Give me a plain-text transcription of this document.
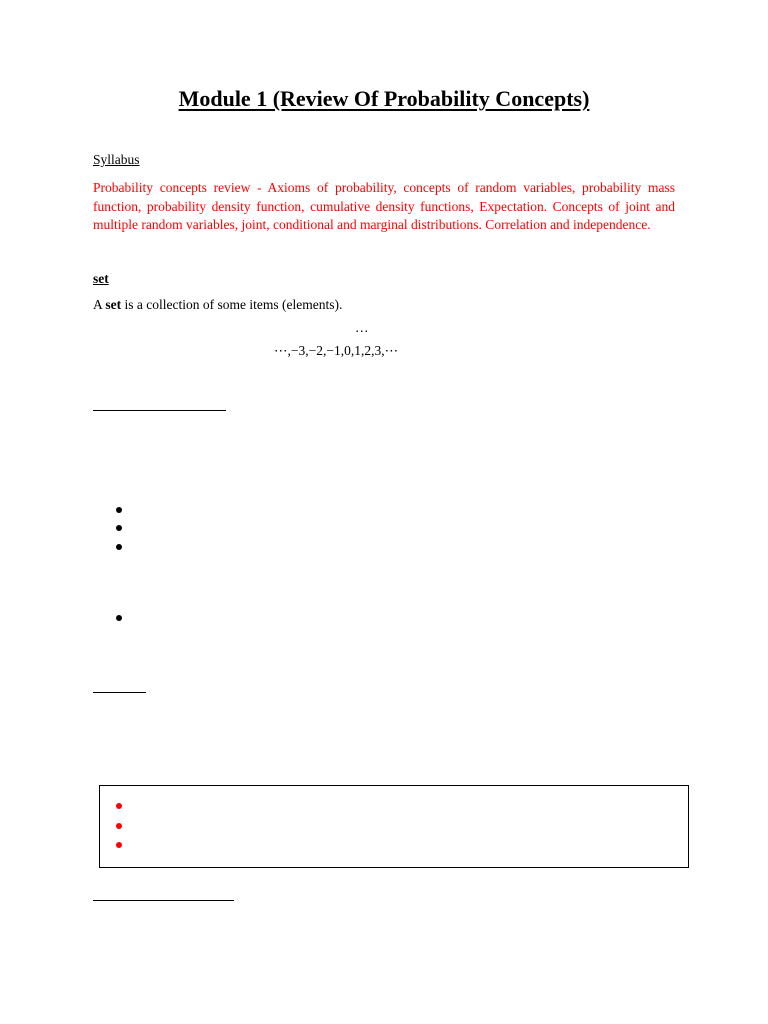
Module 1 (Review Of Probability Concepts)
Syllabus
Probability concepts review - Axioms of probability, concepts of random variables, probability mass function, probability density function, cumulative density functions, Expectation. Concepts of joint and multiple random variables, joint, conditional and marginal distributions. Correlation and independence.
set
A set is a collection of some items (elements).
…
⋯,−3,−2,−1,0,1,2,3,⋯
